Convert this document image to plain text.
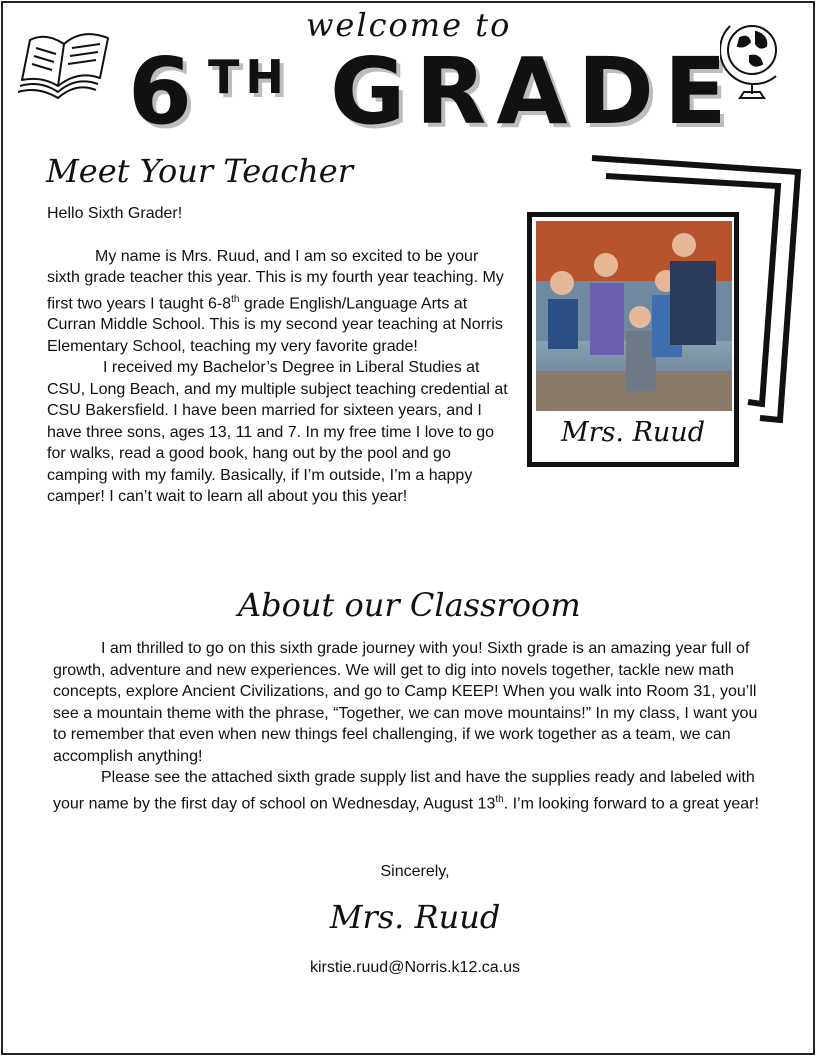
welcome to
6 TH GRADE
Meet Your Teacher

Hello Sixth Grader!

My name is Mrs. Ruud, and I am so excited to be your sixth grade teacher this year. This is my fourth year teaching. My first two years I taught 6-8th grade English/Language Arts at Curran Middle School. This is my second year teaching at Norris Elementary School, teaching my very favorite grade!

I received my Bachelor’s Degree in Liberal Studies at CSU, Long Beach, and my multiple subject teaching credential at CSU Bakersfield. I have been married for sixteen years, and I have three sons, ages 13, 11 and 7. In my free time I love to go for walks, read a good book, hang out by the pool and go camping with my family. Basically, if I’m outside, I’m a happy camper! I can’t wait to learn all about you this year!

Mrs. Ruud
About our Classroom

I am thrilled to go on this sixth grade journey with you! Sixth grade is an amazing year full of growth, adventure and new experiences. We will get to dig into novels together, tackle new math concepts, explore Ancient Civilizations, and go to Camp KEEP! When you walk into Room 31, you’ll see a mountain theme with the phrase, “Together, we can move mountains!” In my class, I want you to remember that even when new things feel challenging, if we work together as a team, we can accomplish anything!

Please see the attached sixth grade supply list and have the supplies ready and labeled with your name by the first day of school on Wednesday, August 13th. I’m looking forward to a great year!

Sincerely,
Mrs. Ruud
kirstie.ruud@Norris.k12.ca.us
